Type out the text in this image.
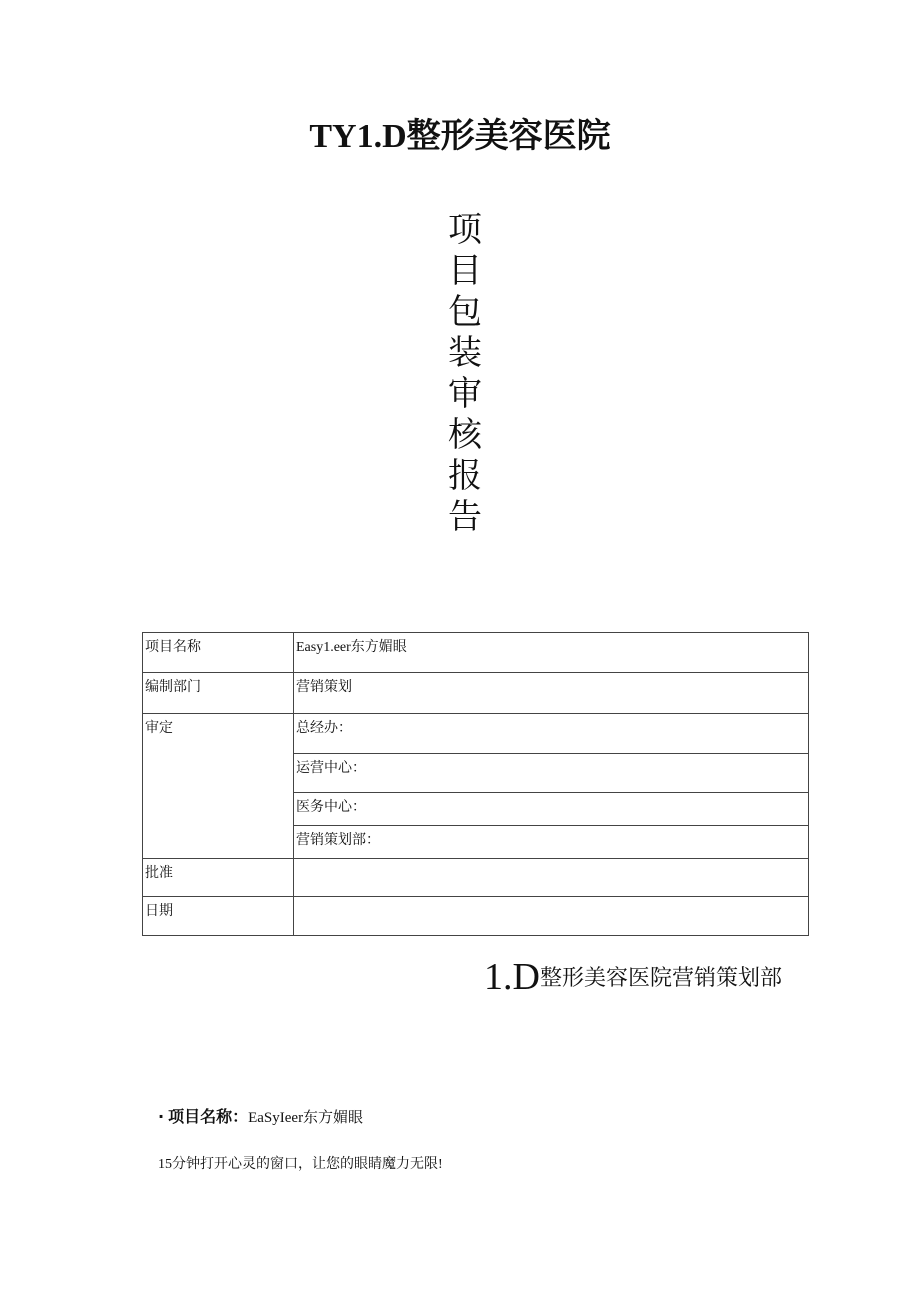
TY1.D整形美容医院
项
目
包
装
审
核
报
告
项目名称	Easy1.eer东方媚眼
编制部门	营销策划
审定	总经办：
	运营中心：
	医务中心：
	营销策划部：
批准	
日期	
1.D整形美容医院营销策划部
· 项目名称：EaSyIeer东方媚眼
15分钟打开心灵的窗口，让您的眼睛魔力无限!
